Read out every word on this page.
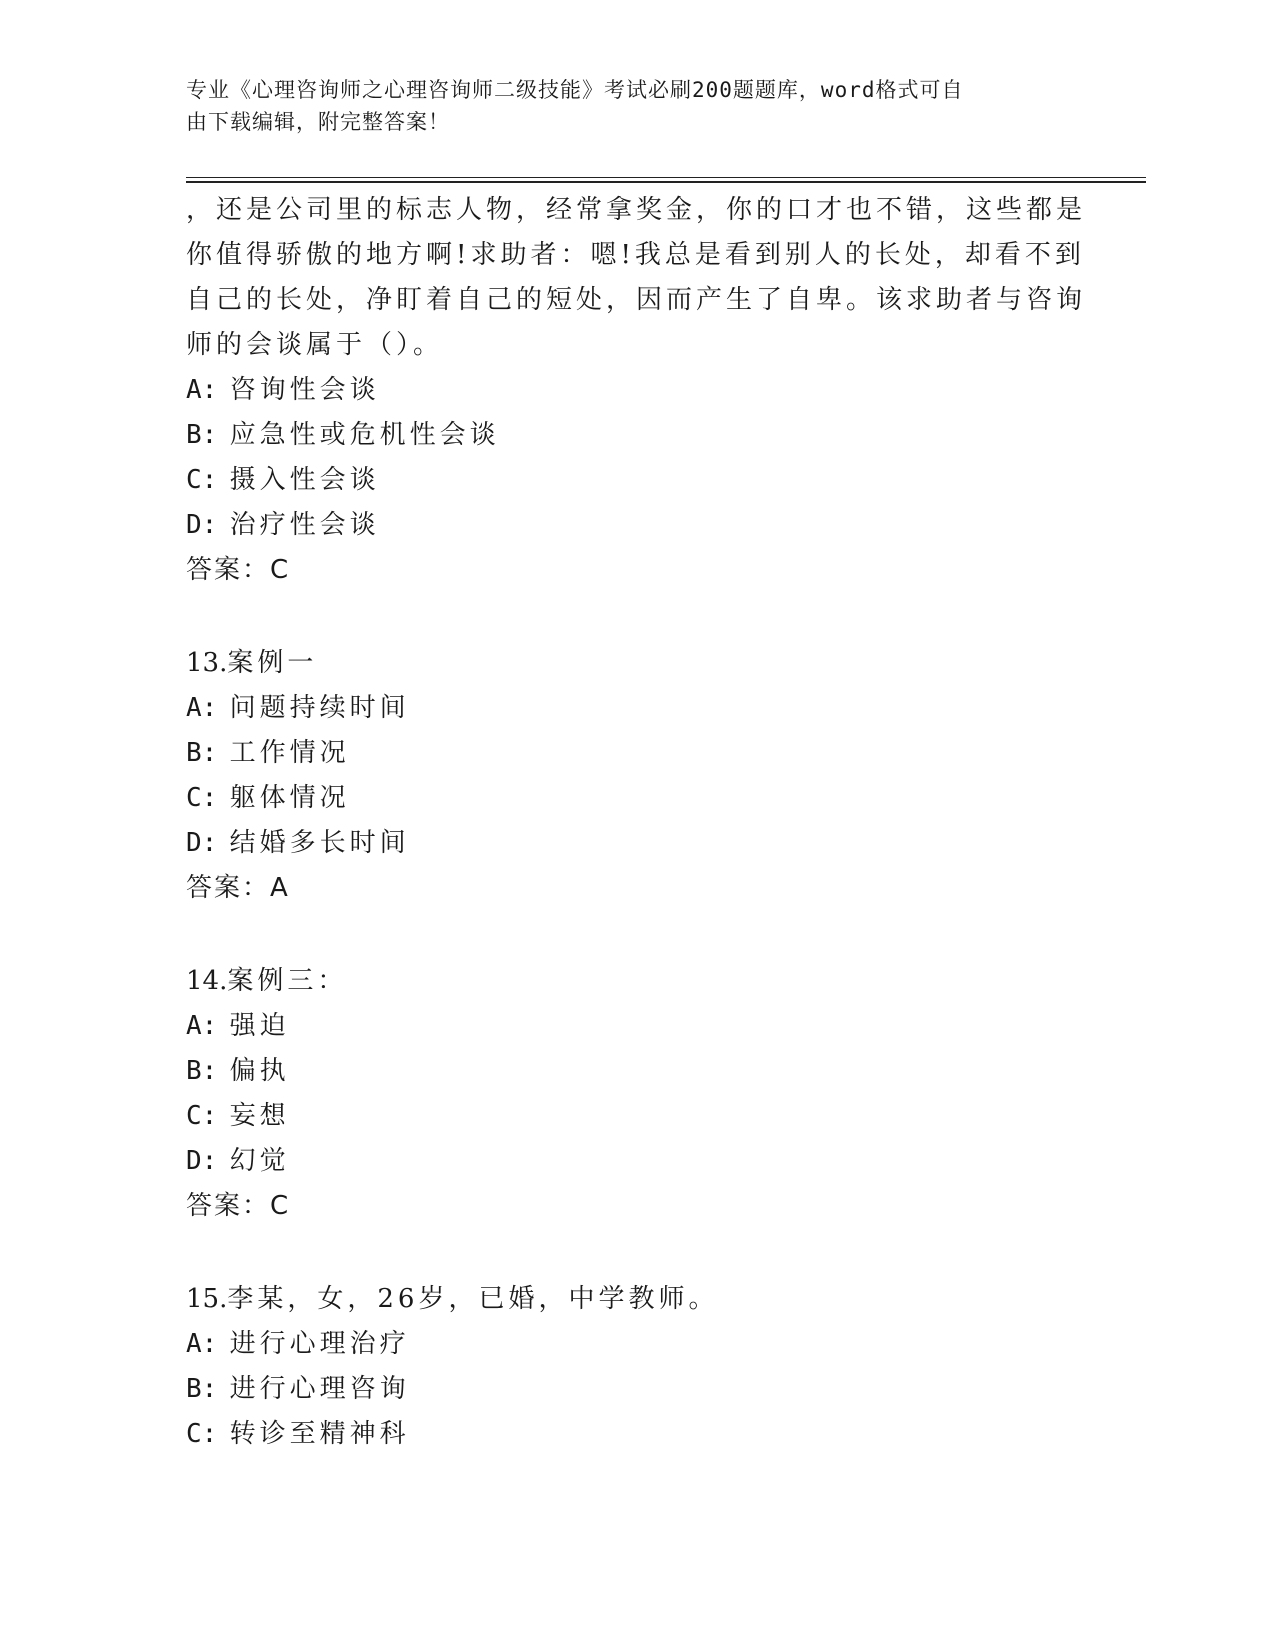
专业《心理咨询师之心理咨询师二级技能》考试必刷200题题库，word格式可自
由下载编辑，附完整答案！
，还是公司里的标志人物，经常拿奖金，你的口才也不错，这些都是
你值得骄傲的地方啊!求助者：嗯!我总是看到别人的长处，却看不到
自己的长处，净盯着自己的短处，因而产生了自卑。该求助者与咨询
师的会谈属于（）。
A: 咨询性会谈
B: 应急性或危机性会谈
C: 摄入性会谈
D: 治疗性会谈
答案：C
13.案例一
A: 问题持续时间
B: 工作情况
C: 躯体情况
D: 结婚多长时间
答案：A
14.案例三：
A: 强迫
B: 偏执
C: 妄想
D: 幻觉
答案：C
15.李某，女，26岁，已婚，中学教师。
A: 进行心理治疗
B: 进行心理咨询
C: 转诊至精神科
